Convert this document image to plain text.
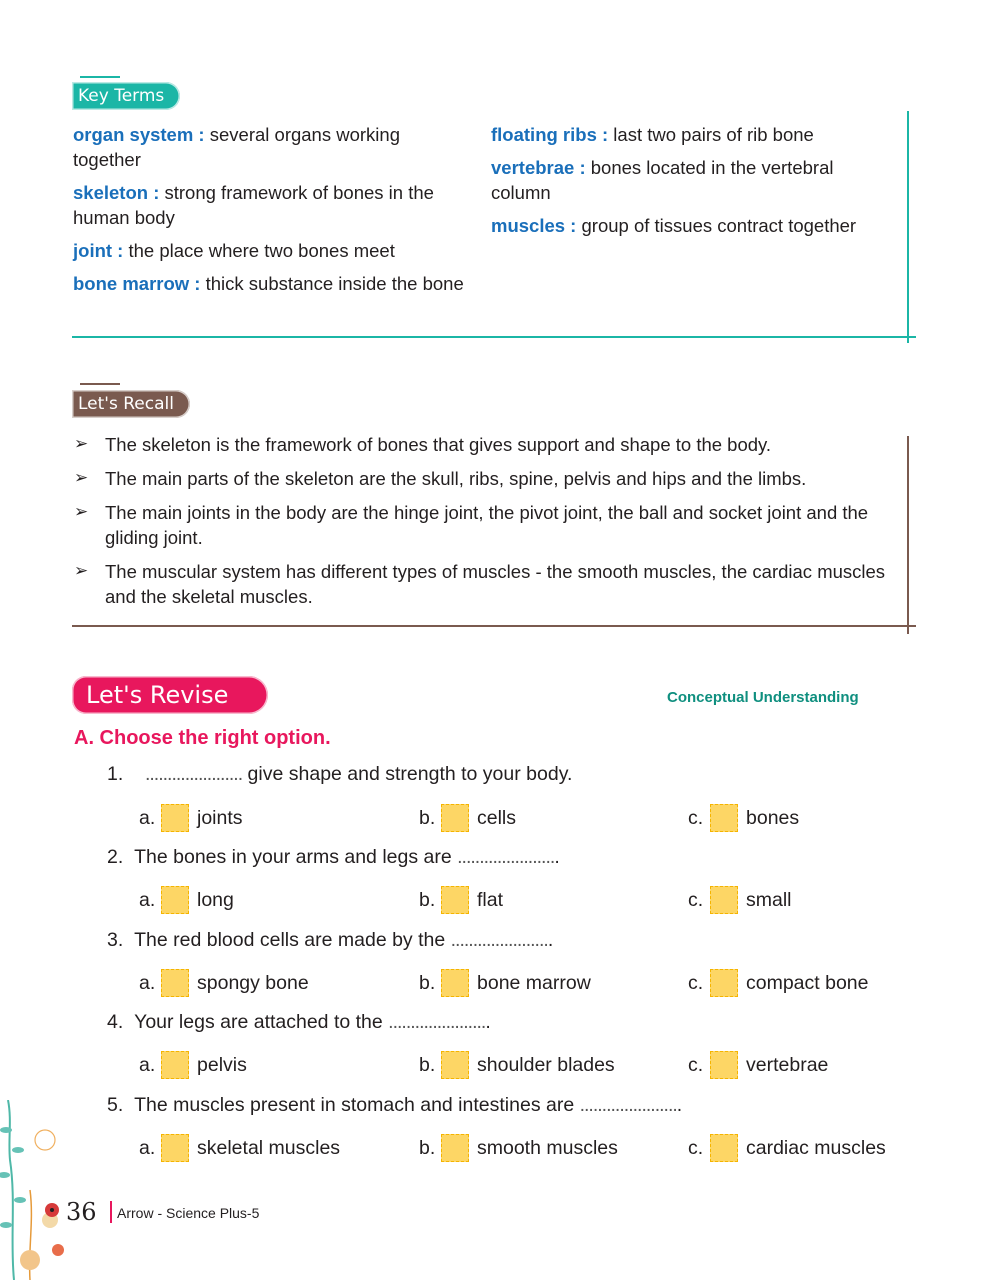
Key Terms

organ system : several organs working together

skeleton : strong framework of bones in the human body

joint : the place where two bones meet

bone marrow : thick substance inside the bone

floating ribs : last two pairs of rib bone

vertebrae : bones located in the vertebral column

muscles : group of tissues contract together

Let's Recall
➢ The skeleton is the framework of bones that gives support and shape to the body.
➢ The main parts of the skeleton are the skull, ribs, spine, pelvis and hips and the limbs.
➢ The main joints in the body are the hinge joint, the pivot joint, the ball and socket joint and the gliding joint.
➢ The muscular system has different types of muscles - the smooth muscles, the cardiac muscles and the skeletal muscles.
Let's Revise	Conceptual Understanding
A. Choose the right option.
1. ...................... give shape and strength to your body.
a. joints	b. cells	c. bones
2. The bones in your arms and legs are .......................
a. long	b. flat	c. small
3. The red blood cells are made by the .......................
a. spongy bone	b. bone marrow	c. compact bone
4. Your legs are attached to the .......................
a. pelvis	b. shoulder blades	c. vertebrae
5. The muscles present in stomach and intestines are .......................
a. skeletal muscles	b. smooth muscles	c. cardiac muscles
36 Arrow - Science Plus-5
